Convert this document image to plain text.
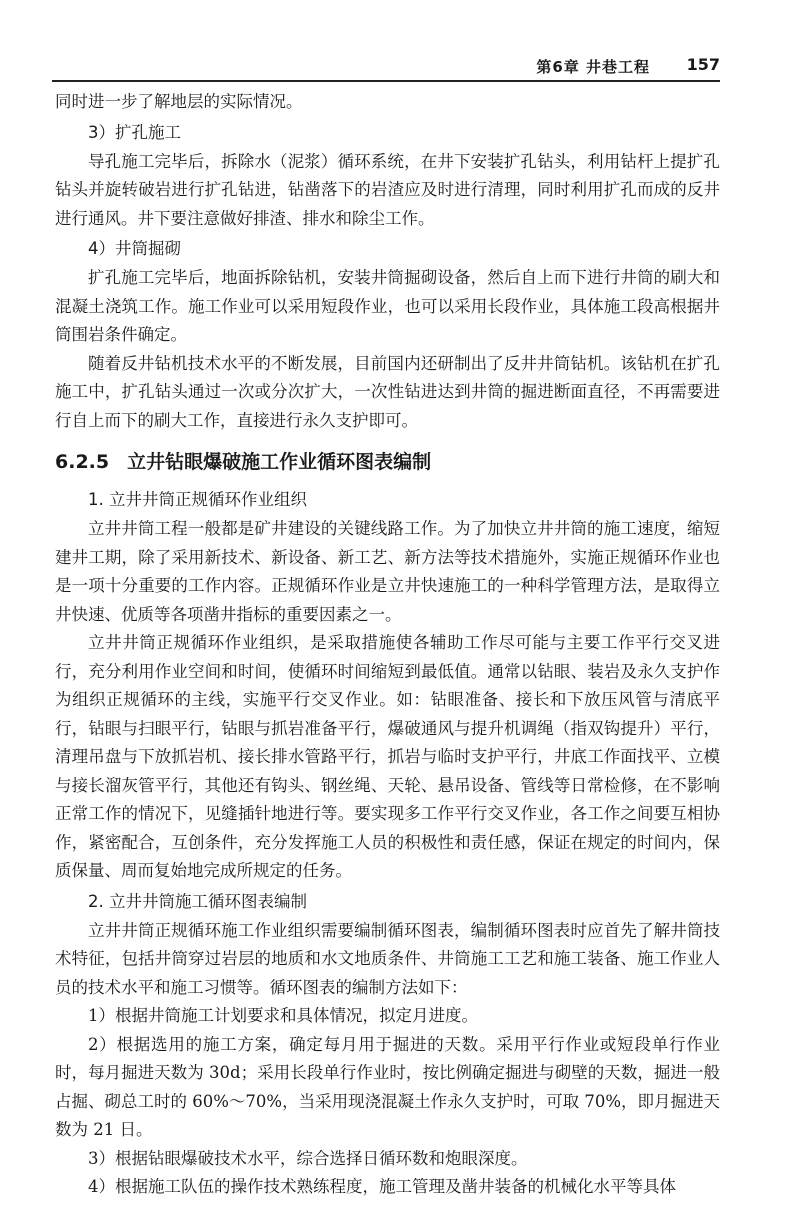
第6章 井巷工程 157

同时进一步了解地层的实际情况。

3）扩孔施工

导孔施工完毕后，拆除水（泥浆）循环系统，在井下安装扩孔钻头，利用钻杆上提扩孔钻头并旋转破岩进行扩孔钻进，钻凿落下的岩渣应及时进行清理，同时利用扩孔而成的反井进行通风。井下要注意做好排渣、排水和除尘工作。

4）井筒掘砌

扩孔施工完毕后，地面拆除钻机，安装井筒掘砌设备，然后自上而下进行井筒的刷大和混凝土浇筑工作。施工作业可以采用短段作业，也可以采用长段作业，具体施工段高根据井筒围岩条件确定。

随着反井钻机技术水平的不断发展，目前国内还研制出了反井井筒钻机。该钻机在扩孔施工中，扩孔钻头通过一次或分次扩大，一次性钻进达到井筒的掘进断面直径，不再需要进行自上而下的刷大工作，直接进行永久支护即可。

6.2.5 立井钻眼爆破施工作业循环图表编制
1. 立井井筒正规循环作业组织

立井井筒工程一般都是矿井建设的关键线路工作。为了加快立井井筒的施工速度，缩短建井工期，除了采用新技术、新设备、新工艺、新方法等技术措施外，实施正规循环作业也是一项十分重要的工作内容。正规循环作业是立井快速施工的一种科学管理方法，是取得立井快速、优质等各项凿井指标的重要因素之一。

立井井筒正规循环作业组织，是采取措施使各辅助工作尽可能与主要工作平行交叉进行，充分利用作业空间和时间，使循环时间缩短到最低值。通常以钻眼、装岩及永久支护作为组织正规循环的主线，实施平行交叉作业。如：钻眼准备、接长和下放压风管与清底平行，钻眼与扫眼平行，钻眼与抓岩准备平行，爆破通风与提升机调绳（指双钩提升）平行，清理吊盘与下放抓岩机、接长排水管路平行，抓岩与临时支护平行，井底工作面找平、立模与接长溜灰管平行，其他还有钩头、钢丝绳、天轮、悬吊设备、管线等日常检修，在不影响正常工作的情况下，见缝插针地进行等。要实现多工作平行交叉作业，各工作之间要互相协作，紧密配合，互创条件，充分发挥施工人员的积极性和责任感，保证在规定的时间内，保质保量、周而复始地完成所规定的任务。

2. 立井井筒施工循环图表编制

立井井筒正规循环施工作业组织需要编制循环图表，编制循环图表时应首先了解井筒技术特征，包括井筒穿过岩层的地质和水文地质条件、井筒施工工艺和施工装备、施工作业人员的技术水平和施工习惯等。循环图表的编制方法如下：

1）根据井筒施工计划要求和具体情况，拟定月进度。

2）根据选用的施工方案，确定每月用于掘进的天数。采用平行作业或短段单行作业时，每月掘进天数为 30d；采用长段单行作业时，按比例确定掘进与砌壁的天数，掘进一般占掘、砌总工时的 60%～70%，当采用现浇混凝土作永久支护时，可取 70%，即月掘进天数为 21 日。

3）根据钻眼爆破技术水平，综合选择日循环数和炮眼深度。

4）根据施工队伍的操作技术熟练程度，施工管理及凿井装备的机械化水平等具体
